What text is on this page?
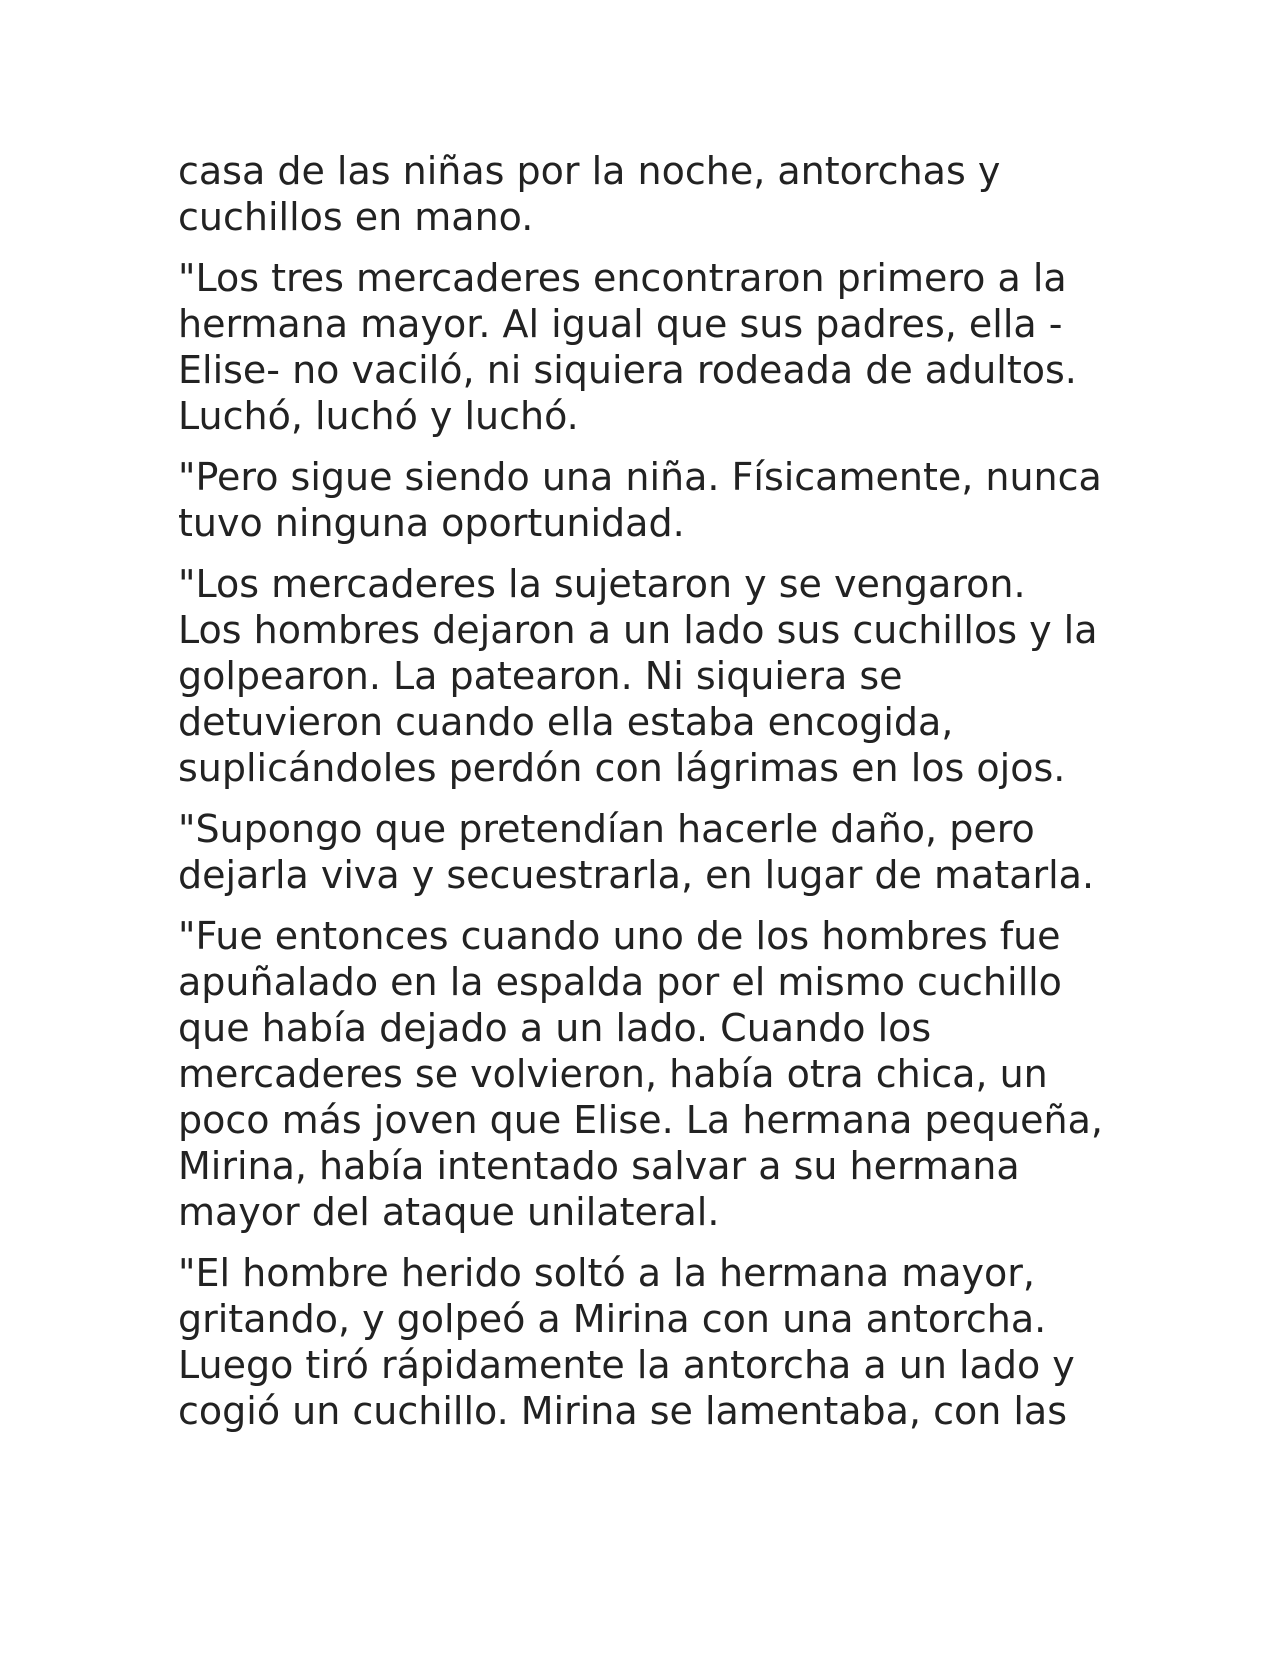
casa de las niñas por la noche, antorchas y
cuchillos en mano.

"Los tres mercaderes encontraron primero a la
hermana mayor. Al igual que sus padres, ella -
Elise- no vaciló, ni siquiera rodeada de adultos.
Luchó, luchó y luchó.

"Pero sigue siendo una niña. Físicamente, nunca
tuvo ninguna oportunidad.

"Los mercaderes la sujetaron y se vengaron.
Los hombres dejaron a un lado sus cuchillos y la
golpearon. La patearon. Ni siquiera se
detuvieron cuando ella estaba encogida,
suplicándoles perdón con lágrimas en los ojos.

"Supongo que pretendían hacerle daño, pero
dejarla viva y secuestrarla, en lugar de matarla.

"Fue entonces cuando uno de los hombres fue
apuñalado en la espalda por el mismo cuchillo
que había dejado a un lado. Cuando los
mercaderes se volvieron, había otra chica, un
poco más joven que Elise. La hermana pequeña,
Mirina, había intentado salvar a su hermana
mayor del ataque unilateral.

"El hombre herido soltó a la hermana mayor,
gritando, y golpeó a Mirina con una antorcha.
Luego tiró rápidamente la antorcha a un lado y
cogió un cuchillo. Mirina se lamentaba, con las
